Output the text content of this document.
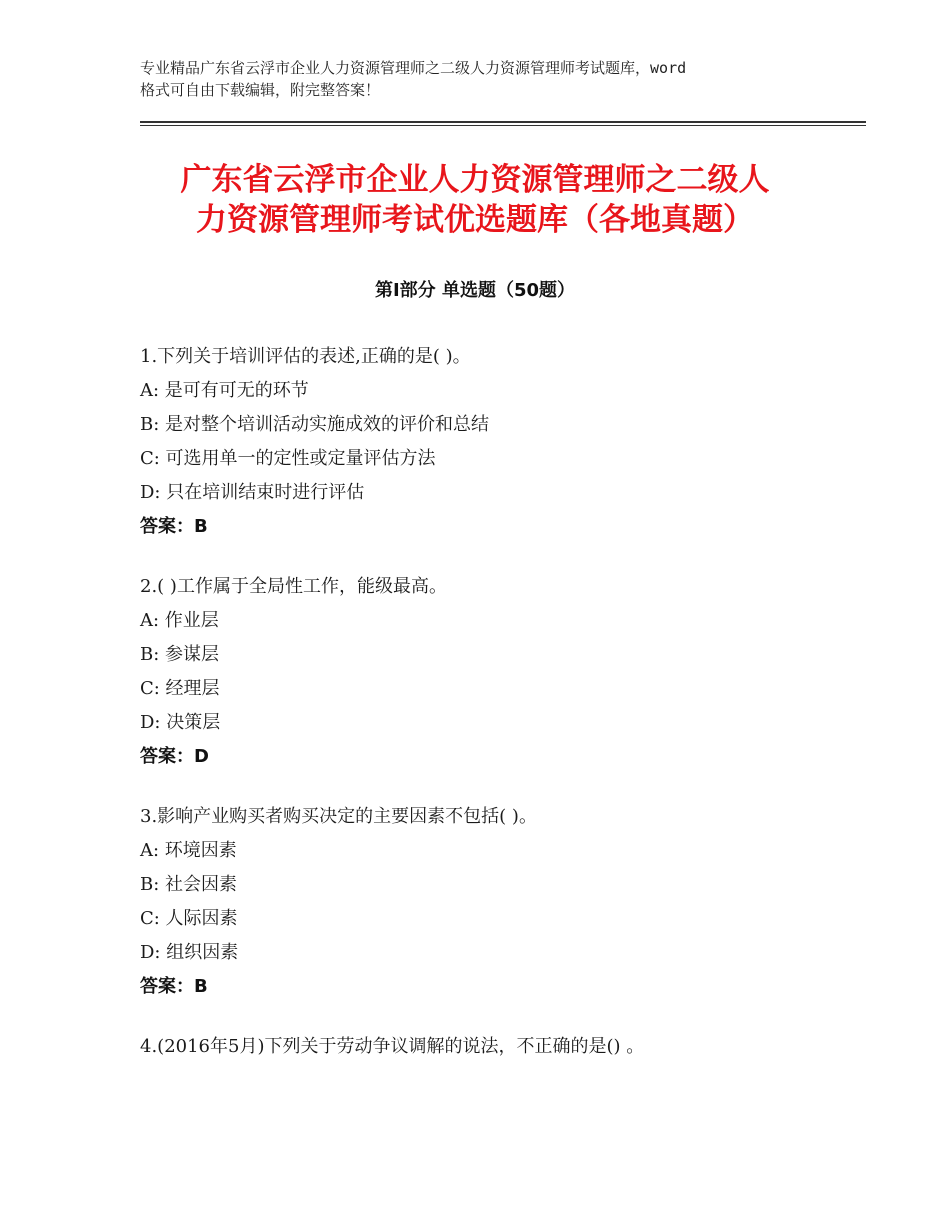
专业精品广东省云浮市企业人力资源管理师之二级人力资源管理师考试题库，word
格式可自由下载编辑，附完整答案！
广东省云浮市企业人力资源管理师之二级人
力资源管理师考试优选题库（各地真题）
第Ⅰ部分 单选题（50题）
1.下列关于培训评估的表述,正确的是( )。
A: 是可有可无的环节
B: 是对整个培训活动实施成效的评价和总结
C: 可选用单一的定性或定量评估方法
D: 只在培训结束时进行评估
答案：B
2.( )工作属于全局性工作，能级最高。
A: 作业层
B: 参谋层
C: 经理层
D: 决策层
答案：D
3.影响产业购买者购买决定的主要因素不包括( )。
A: 环境因素
B: 社会因素
C: 人际因素
D: 组织因素
答案：B
4.(2016年5月)下列关于劳动争议调解的说法，不正确的是() 。
